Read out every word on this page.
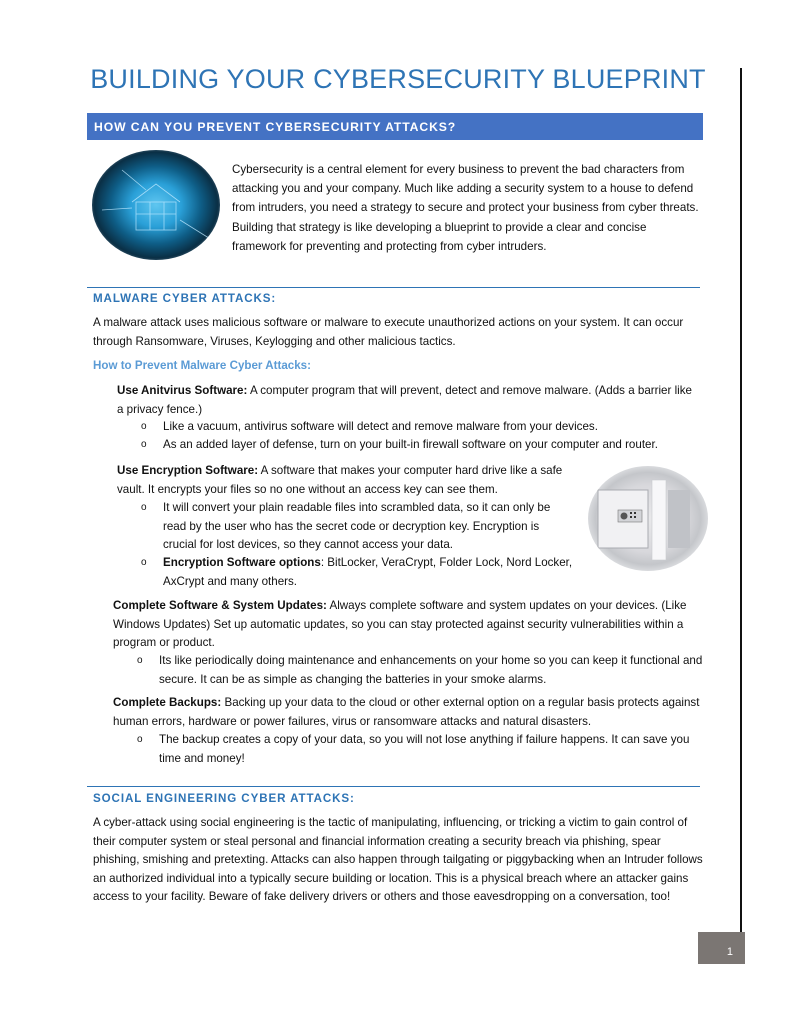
BUILDING YOUR CYBERSECURITY BLUEPRINT
HOW CAN YOU PREVENT CYBERSECURITY ATTACKS?
Cybersecurity is a central element for every business to prevent the bad characters from attacking you and your company. Much like adding a security system to a house to defend from intruders, you need a strategy to secure and protect your business from cyber threats. Building that strategy is like developing a blueprint to provide a clear and concise framework for preventing and protecting from cyber intruders.
MALWARE CYBER ATTACKS:
A malware attack uses malicious software or malware to execute unauthorized actions on your system. It can occur through Ransomware, Viruses, Keylogging and other malicious tactics.
How to Prevent Malware Cyber Attacks:
Use Anitvirus Software: A computer program that will prevent, detect and remove malware. (Adds a barrier like a privacy fence.)
o Like a vacuum, antivirus software will detect and remove malware from your devices.
o As an added layer of defense, turn on your built-in firewall software on your computer and router.
Use Encryption Software: A software that makes your computer hard drive like a safe vault. It encrypts your files so no one without an access key can see them.
o It will convert your plain readable files into scrambled data, so it can only be read by the user who has the secret code or decryption key. Encryption is crucial for lost devices, so they cannot access your data.
o Encryption Software options: BitLocker, VeraCrypt, Folder Lock, Nord Locker, AxCrypt and many others.
Complete Software & System Updates: Always complete software and system updates on your devices. (Like Windows Updates) Set up automatic updates, so you can stay protected against security vulnerabilities within a program or product.
o Its like periodically doing maintenance and enhancements on your home so you can keep it functional and secure. It can be as simple as changing the batteries in your smoke alarms.
Complete Backups: Backing up your data to the cloud or other external option on a regular basis protects against human errors, hardware or power failures, virus or ransomware attacks and natural disasters.
o The backup creates a copy of your data, so you will not lose anything if failure happens. It can save you time and money!
SOCIAL ENGINEERING CYBER ATTACKS:
A cyber-attack using social engineering is the tactic of manipulating, influencing, or tricking a victim to gain control of their computer system or steal personal and financial information creating a security breach via phishing, spear phishing, smishing and pretexting. Attacks can also happen through tailgating or piggybacking when an Intruder follows an authorized individual into a typically secure building or location. This is a physical breach where an attacker gains access to your facility. Beware of fake delivery drivers or others and those eavesdropping on a conversation, too!
1
